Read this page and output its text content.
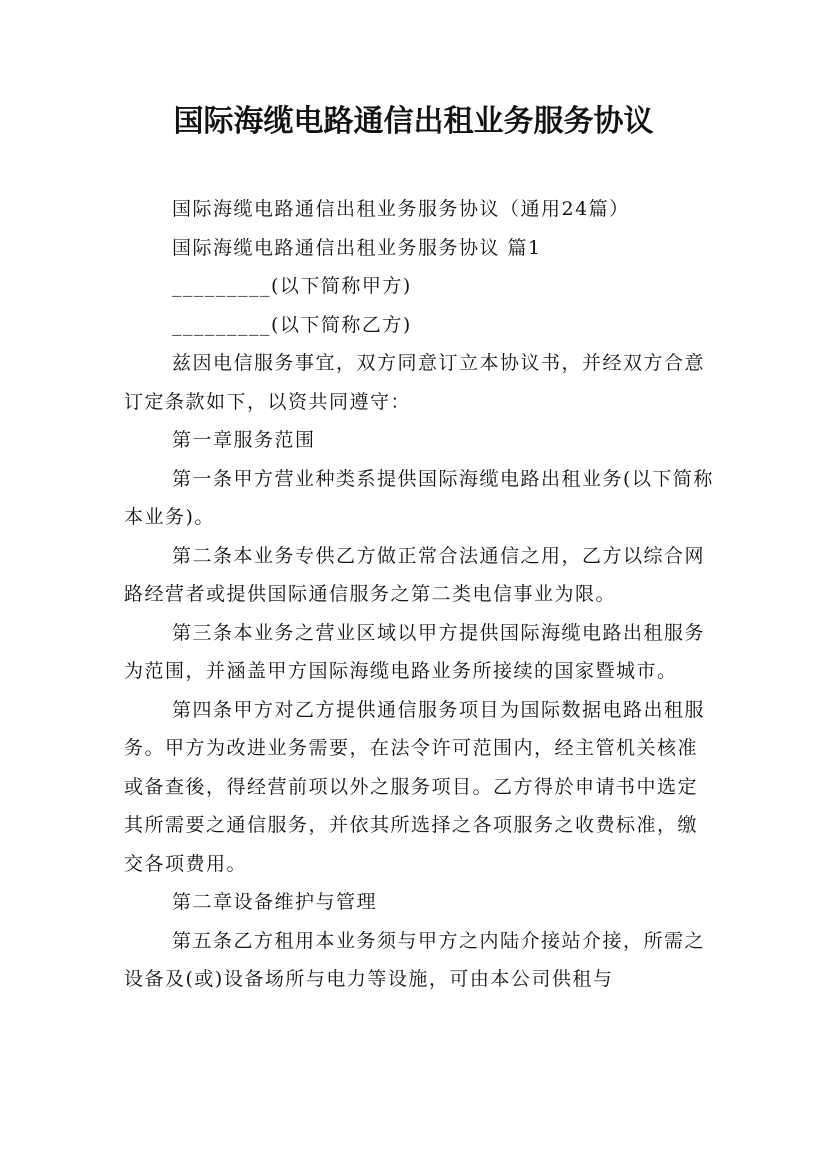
国际海缆电路通信出租业务服务协议

国际海缆电路通信出租业务服务协议（通用24篇）

国际海缆电路通信出租业务服务协议 篇1

_________(以下简称甲方)

_________(以下简称乙方)

兹因电信服务事宜，双方同意订立本协议书，并经双方合意订定条款如下，以资共同遵守：

第一章服务范围

第一条甲方营业种类系提供国际海缆电路出租业务(以下简称本业务)。

第二条本业务专供乙方做正常合法通信之用，乙方以综合网路经营者或提供国际通信服务之第二类电信事业为限。

第三条本业务之营业区域以甲方提供国际海缆电路出租服务为范围，并涵盖甲方国际海缆电路业务所接续的国家暨城市。

第四条甲方对乙方提供通信服务项目为国际数据电路出租服务。甲方为改进业务需要，在法令许可范围内，经主管机关核准或备查後，得经营前项以外之服务项目。乙方得於申请书中选定其所需要之通信服务，并依其所选择之各项服务之收费标准，缴交各项费用。

第二章设备维护与管理

第五条乙方租用本业务须与甲方之内陆介接站介接，所需之设备及(或)设备场所与电力等设施，可由本公司供租与
